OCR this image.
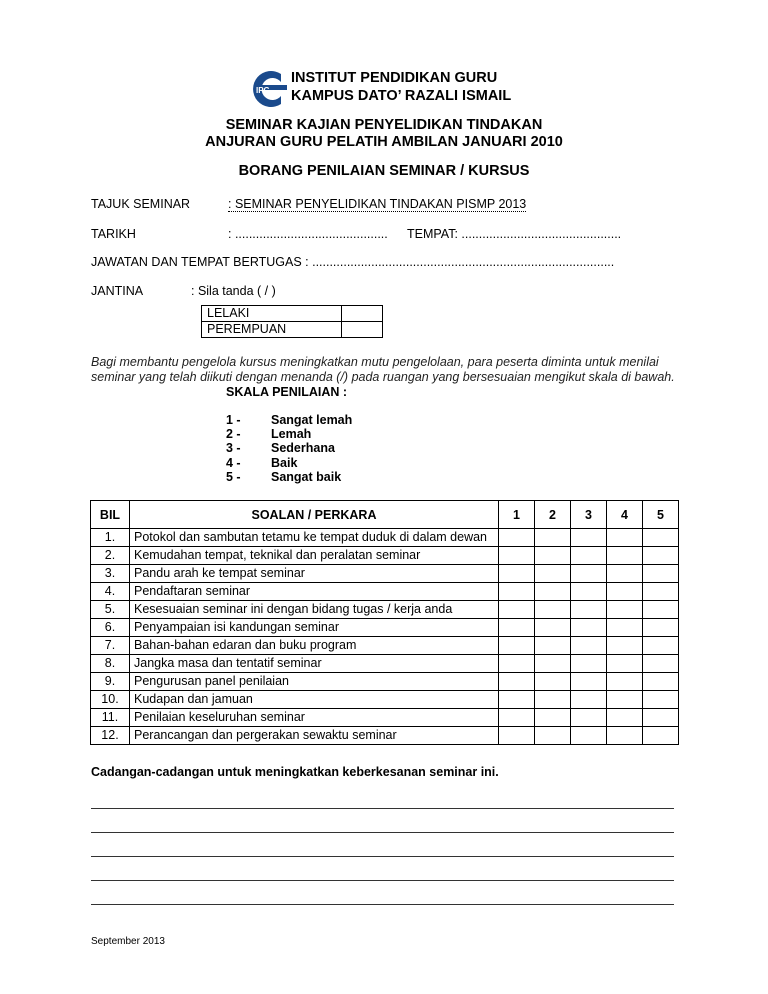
IPG
INSTITUT PENDIDIKAN GURU
KAMPUS DATO’ RAZALI ISMAIL
SEMINAR KAJIAN PENYELIDIKAN TINDAKAN
ANJURAN GURU PELATIH AMBILAN JANUARI 2010
BORANG PENILAIAN SEMINAR / KURSUS
TAJUK SEMINAR	: SEMINAR PENYELIDIKAN TINDAKAN PISMP 2013
TARIKH	: ............................................ TEMPAT: ..............................................
JAWATAN DAN TEMPAT BERTUGAS : .......................................................................................
JANTINA	: Sila tanda ( / )
LELAKI	
PEREMPUAN	
Bagi membantu pengelola kursus meningkatkan mutu pengelolaan, para peserta diminta untuk menilai
seminar yang telah diikuti dengan menanda (/) pada ruangan yang bersesuaian mengikut skala di bawah.
SKALA PENILAIAN :
1 - Sangat lemah
2 - Lemah
3 - Sederhana
4 - Baik
5 - Sangat baik
BIL	SOALAN / PERKARA	1	2	3	4	5
1.	Potokol dan sambutan tetamu ke tempat duduk di dalam dewan					
2.	Kemudahan tempat, teknikal dan peralatan seminar					
3.	Pandu arah ke tempat seminar					
4.	Pendaftaran seminar					
5.	Kesesuaian seminar ini dengan bidang tugas / kerja anda					
6.	Penyampaian isi kandungan seminar					
7.	Bahan-bahan edaran dan buku program					
8.	Jangka masa dan tentatif seminar					
9.	Pengurusan panel penilaian					
10.	Kudapan dan jamuan					
11.	Penilaian keseluruhan seminar					
12.	Perancangan dan pergerakan sewaktu seminar					
Cadangan-cadangan untuk meningkatkan keberkesanan seminar ini.
September 2013
